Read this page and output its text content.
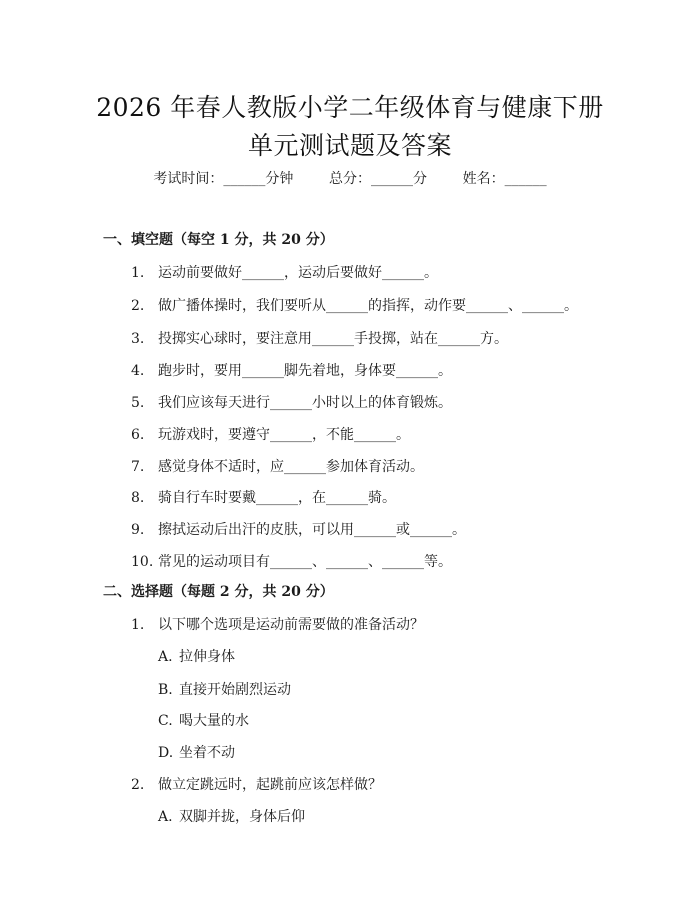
2026 年春人教版小学二年级体育与健康下册
单元测试题及答案
考试时间：______分钟        总分：______分        姓名：______
一、填空题（每空 1 分，共 20 分）
1. 运动前要做好______，运动后要做好______。
2. 做广播体操时，我们要听从______的指挥，动作要______、______。
3. 投掷实心球时，要注意用______手投掷，站在______方。
4. 跑步时，要用______脚先着地，身体要______。
5. 我们应该每天进行______小时以上的体育锻炼。
6. 玩游戏时，要遵守______，不能______。
7. 感觉身体不适时，应______参加体育活动。
8. 骑自行车时要戴______，在______骑。
9. 擦拭运动后出汗的皮肤，可以用______或______。
10. 常见的运动项目有______、______、______等。
二、选择题（每题 2 分，共 20 分）
1. 以下哪个选项是运动前需要做的准备活动？
A. 拉伸身体
B. 直接开始剧烈运动
C. 喝大量的水
D. 坐着不动
2. 做立定跳远时，起跳前应该怎样做？
A. 双脚并拢，身体后仰
